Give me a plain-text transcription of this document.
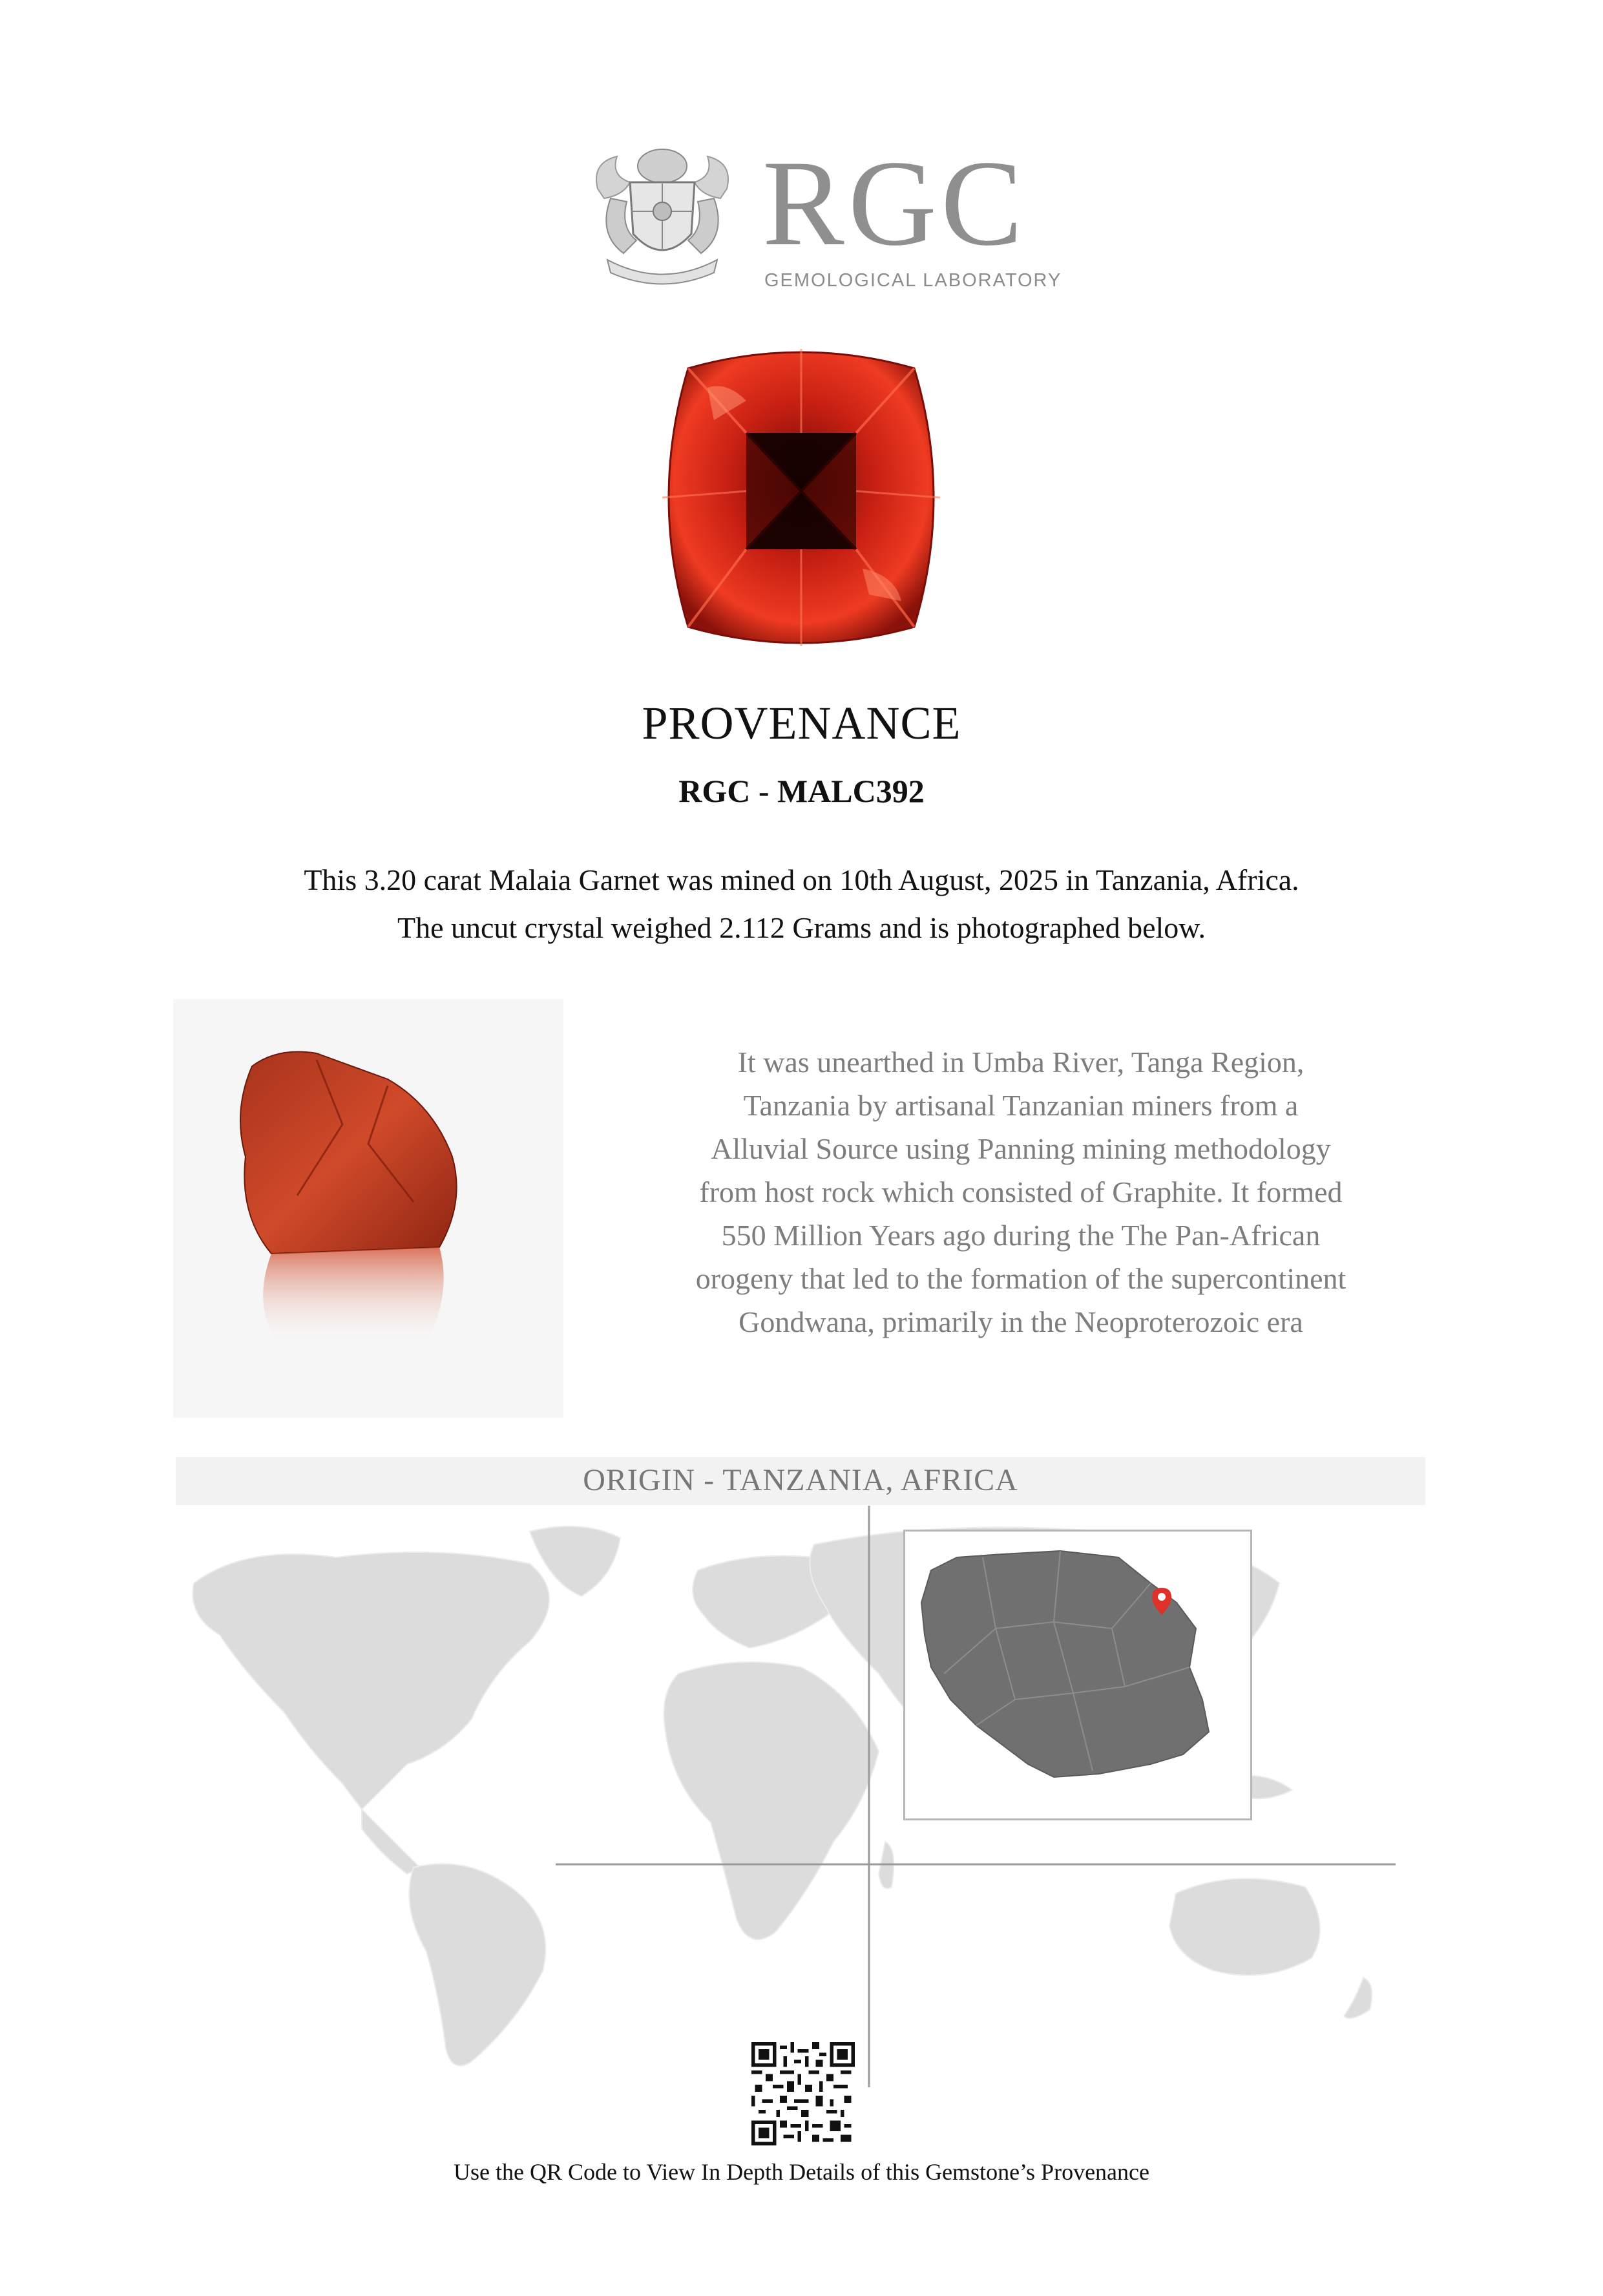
RGC
GEMOLOGICAL LABORATORY
PROVENANCE
RGC - MALC392
This 3.20 carat Malaia Garnet was mined on 10th August, 2025 in Tanzania, Africa.
The uncut crystal weighed 2.112 Grams and is photographed below.
It was unearthed in Umba River, Tanga Region,
Tanzania by artisanal Tanzanian miners from a
Alluvial Source using Panning mining methodology
from host rock which consisted of Graphite. It formed
550 Million Years ago during the The Pan-African
orogeny that led to the formation of the supercontinent
Gondwana, primarily in the Neoproterozoic era
ORIGIN - TANZANIA, AFRICA
Use the QR Code to View In Depth Details of this Gemstone’s Provenance
